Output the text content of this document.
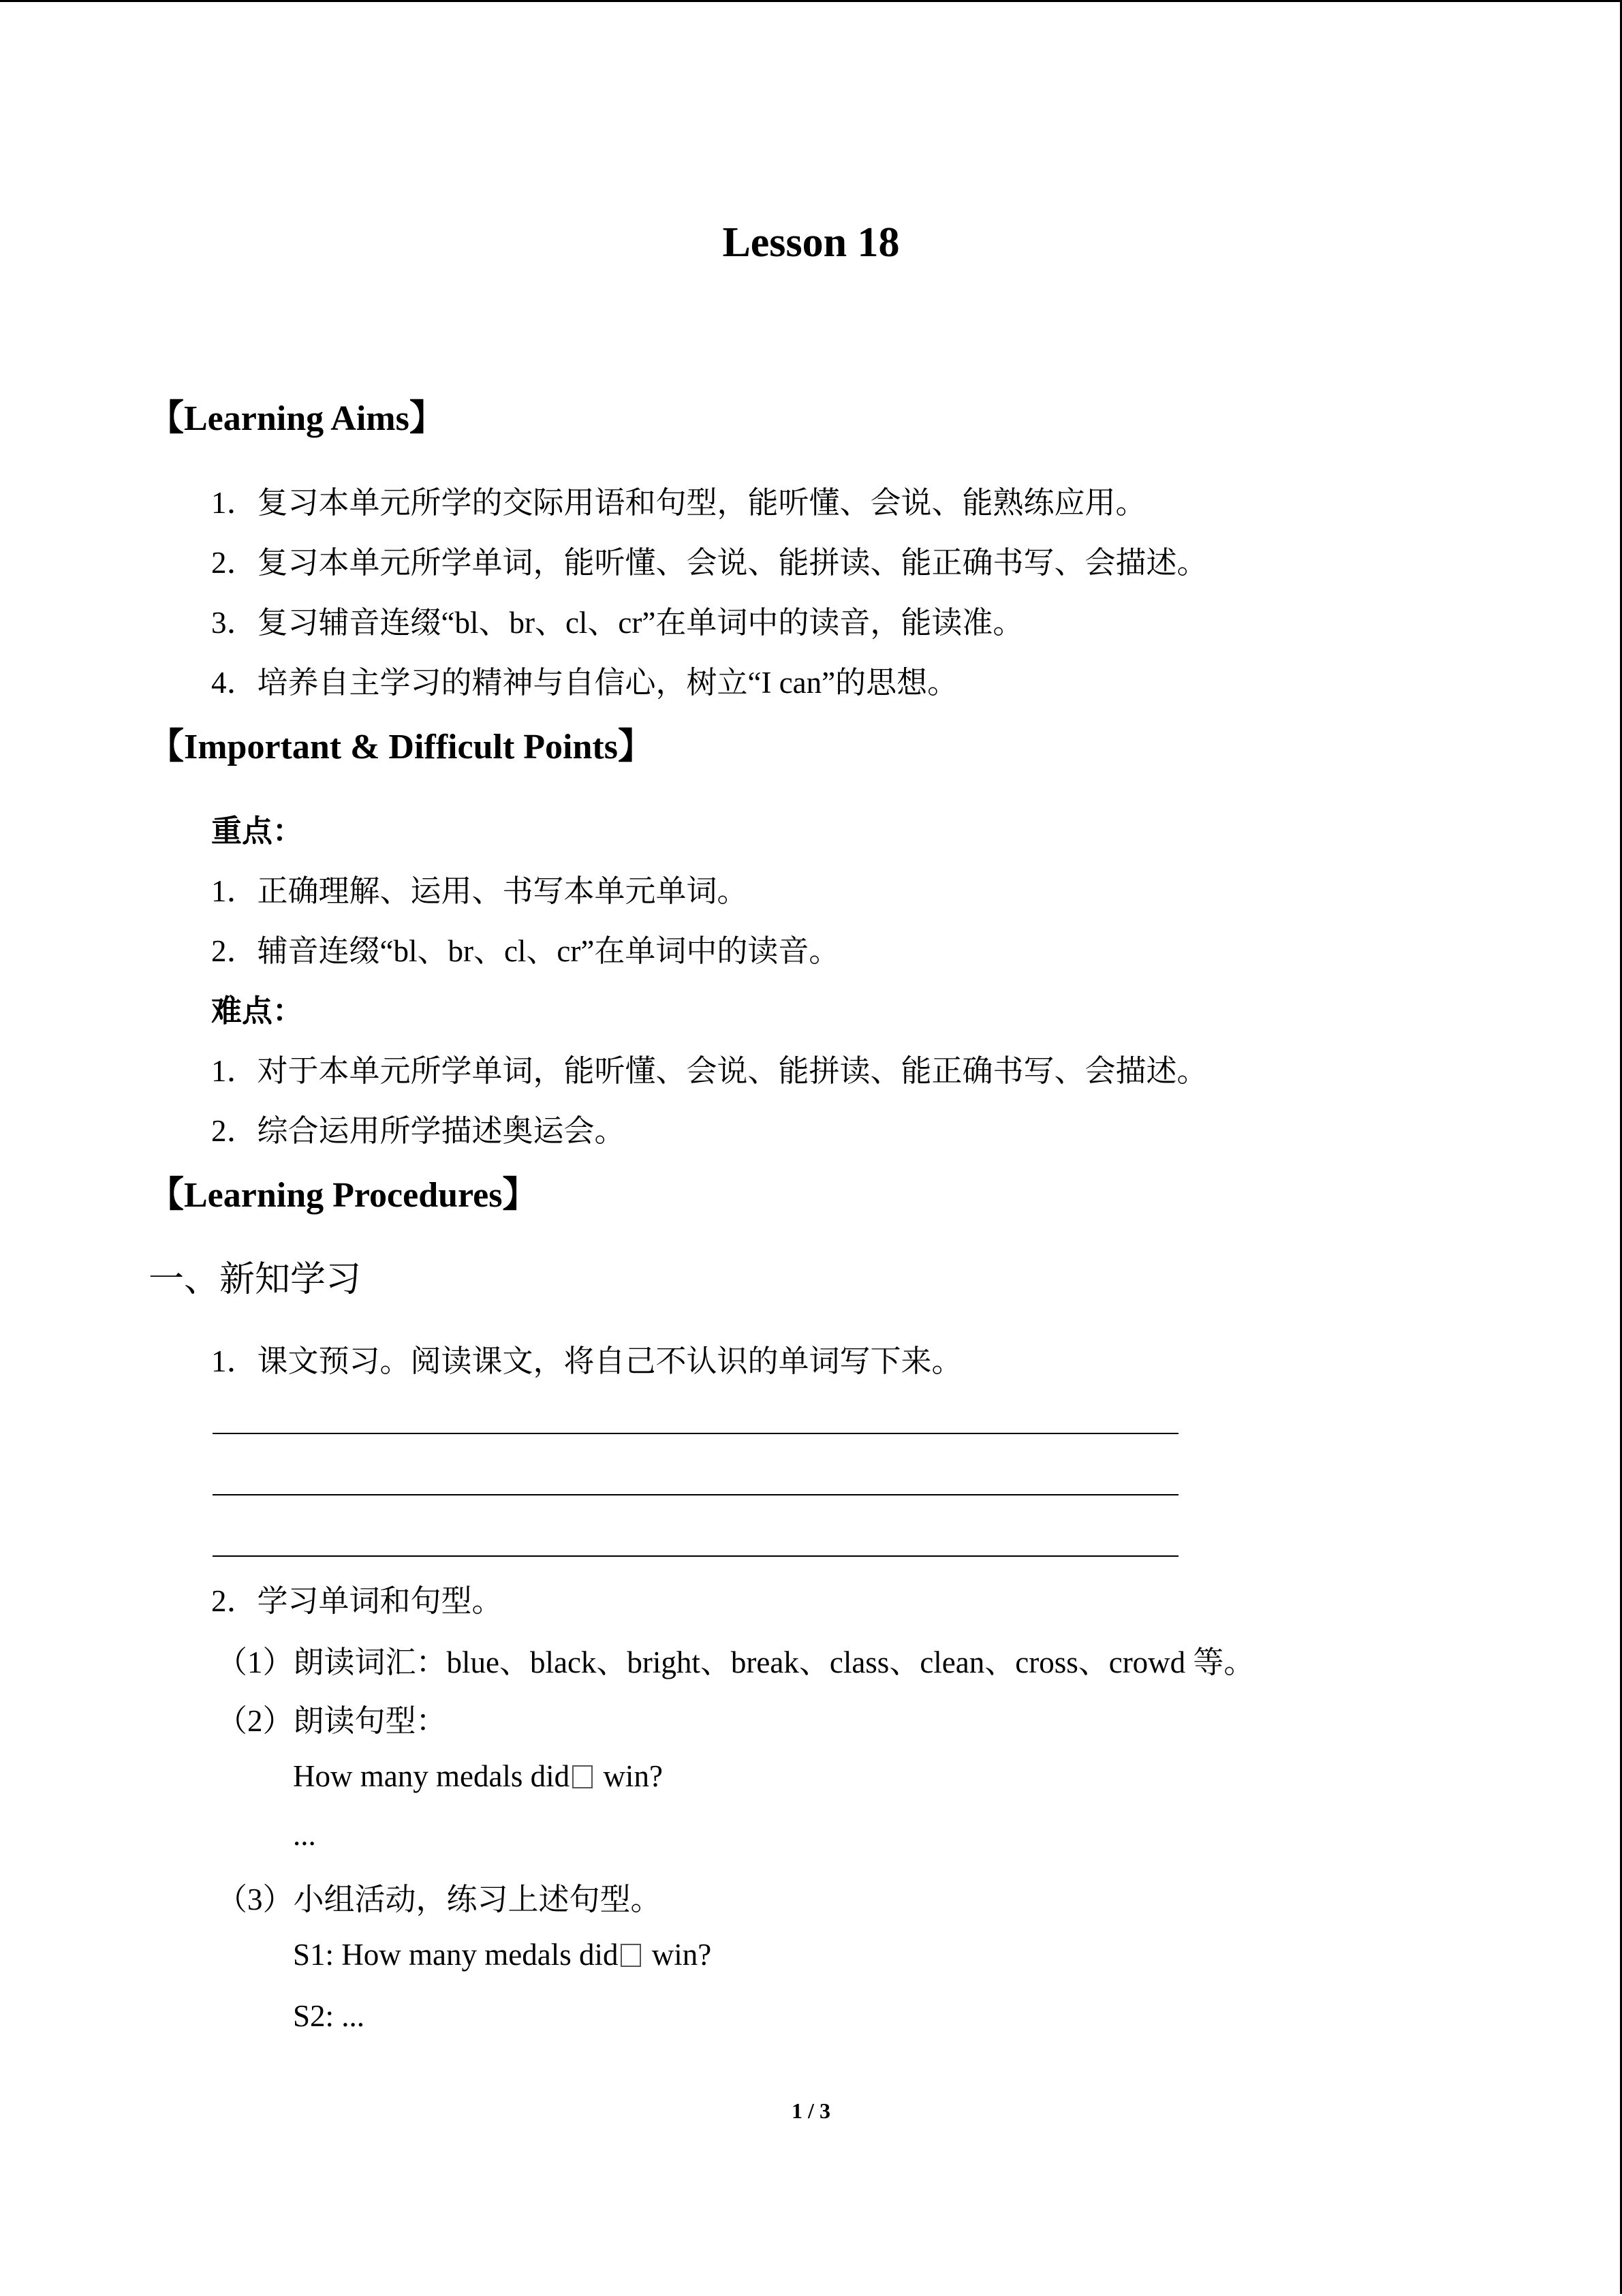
Lesson 18
【Learning Aims】
1．复习本单元所学的交际用语和句型，能听懂、会说、能熟练应用。
2．复习本单元所学单词，能听懂、会说、能拼读、能正确书写、会描述。
3．复习辅音连缀“bl、br、cl、cr”在单词中的读音，能读准。
4．培养自主学习的精神与自信心，树立“I can”的思想。
【Important & Difficult Points】
重点：
1．正确理解、运用、书写本单元单词。
2．辅音连缀“bl、br、cl、cr”在单词中的读音。
难点：
1．对于本单元所学单词，能听懂、会说、能拼读、能正确书写、会描述。
2．综合运用所学描述奥运会。
【Learning Procedures】
一、新知学习
1．课文预习。阅读课文，将自己不认识的单词写下来。
2．学习单词和句型。
（1）朗读词汇：blue、black、bright、break、class、clean、cross、crowd 等。
（2）朗读句型：
How many medals did win?
...
（3）小组活动，练习上述句型。
S1: How many medals did win?
S2: ...
1 / 3
